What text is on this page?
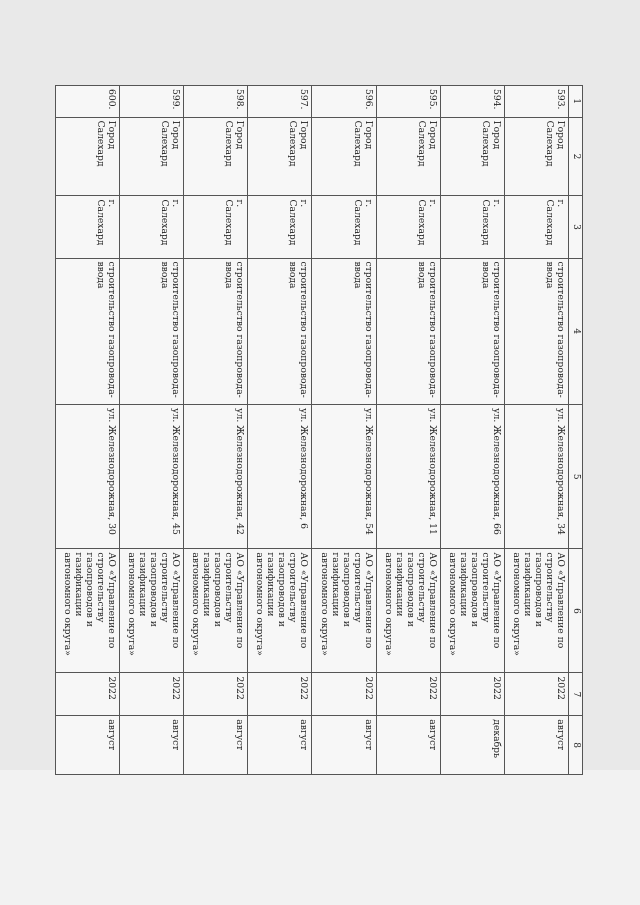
1	2	3	4	5	6	7	8
593.	Город Салехард	г. Салехард	строительство газопровода-ввода	ул. Железнодорожная, 34	АО «Управление по строительству газопроводов и газификации автономного округа»	2022	август
594.	Город Салехард	г. Салехард	строительство газопровода-ввода	ул. Железнодорожная, 66	АО «Управление по строительству газопроводов и газификации автономного округа»	2022	декабрь
595.	Город Салехард	г. Салехард	строительство газопровода-ввода	ул. Железнодорожная, 11	АО «Управление по строительству газопроводов и газификации автономного округа»	2022	август
596.	Город Салехард	г. Салехард	строительство газопровода-ввода	ул. Железнодорожная, 54	АО «Управление по строительству газопроводов и газификации автономного округа»	2022	август
597.	Город Салехард	г. Салехард	строительство газопровода-ввода	ул. Железнодорожная, 6	АО «Управление по строительству газопроводов и газификации автономного округа»	2022	август
598.	Город Салехард	г. Салехард	строительство газопровода-ввода	ул. Железнодорожная, 42	АО «Управление по строительству газопроводов и газификации автономного округа»	2022	август
599.	Город Салехард	г. Салехард	строительство газопровода-ввода	ул. Железнодорожная, 45	АО «Управление по строительству газопроводов и газификации автономного округа»	2022	август
600.	Город Салехард	г. Салехард	строительство газопровода-ввода	ул. Железнодорожная, 30	АО «Управление по строительству газопроводов и газификации автономного округа»	2022	август
